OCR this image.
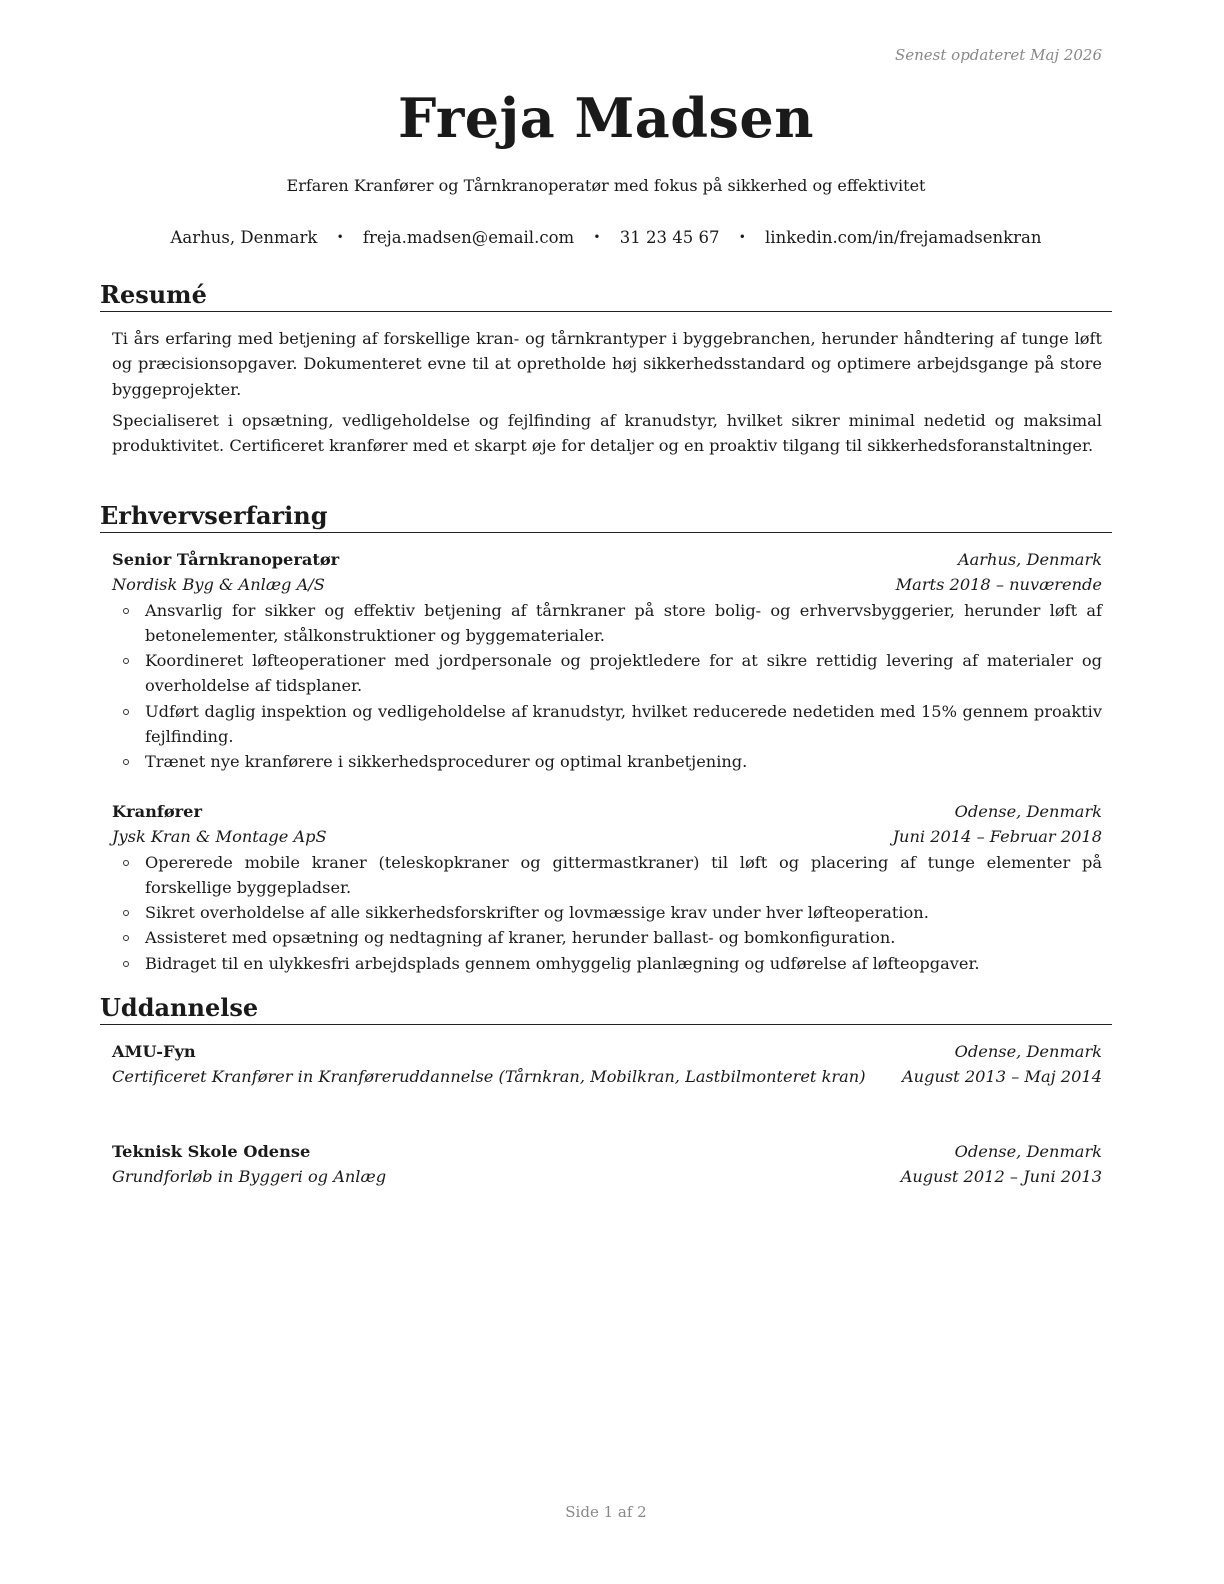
Senest opdateret Maj 2026
Freja Madsen
Erfaren Kranfører og Tårnkranoperatør med fokus på sikkerhed og effektivitet
Aarhus, Denmark • freja.madsen@email.com • 31 23 45 67 • linkedin.com/in/frejamadsenkran
Resumé

Ti års erfaring med betjening af forskellige kran- og tårnkrantyper i byggebranchen, herunder håndtering af tunge løft og præcisionsopgaver. Dokumenteret evne til at opretholde høj sikkerhedsstandard og optimere arbejdsgange på store byggeprojekter.

Specialiseret i opsætning, vedligeholdelse og fejlfinding af kranudstyr, hvilket sikrer minimal nedetid og maksimal produktivitet. Certificeret kranfører med et skarpt øje for detaljer og en proaktiv tilgang til sikkerhedsforanstaltninger.

Erhvervserfaring
Senior Tårnkranoperatør	Aarhus, Denmark
Nordisk Byg & Anlæg A/S	Marts 2018 – nuværende
Ansvarlig for sikker og effektiv betjening af tårnkraner på store bolig- og erhvervsbyggerier, herunder løft af betonelementer, stålkonstruktioner og byggematerialer.
Koordineret løfteoperationer med jordpersonale og projektledere for at sikre rettidig levering af materialer og overholdelse af tidsplaner.
Udført daglig inspektion og vedligeholdelse af kranudstyr, hvilket reducerede nedetiden med 15% gennem proaktiv fejlfinding.
Trænet nye kranførere i sikkerhedsprocedurer og optimal kranbetjening.
Kranfører	Odense, Denmark
Jysk Kran & Montage ApS	Juni 2014 – Februar 2018
Opererede mobile kraner (teleskopkraner og gittermastkraner) til løft og placering af tunge elementer på forskellige byggepladser.
Sikret overholdelse af alle sikkerhedsforskrifter og lovmæssige krav under hver løfteoperation.
Assisteret med opsætning og nedtagning af kraner, herunder ballast- og bomkonfiguration.
Bidraget til en ulykkesfri arbejdsplads gennem omhyggelig planlægning og udførelse af løfteopgaver.
Uddannelse
AMU-Fyn	Odense, Denmark
Certificeret Kranfører in Kranføreruddannelse (Tårnkran, Mobilkran, Lastbilmonteret kran)	August 2013 – Maj 2014
Teknisk Skole Odense	Odense, Denmark
Grundforløb in Byggeri og Anlæg	August 2012 – Juni 2013
Side 1 af 2
